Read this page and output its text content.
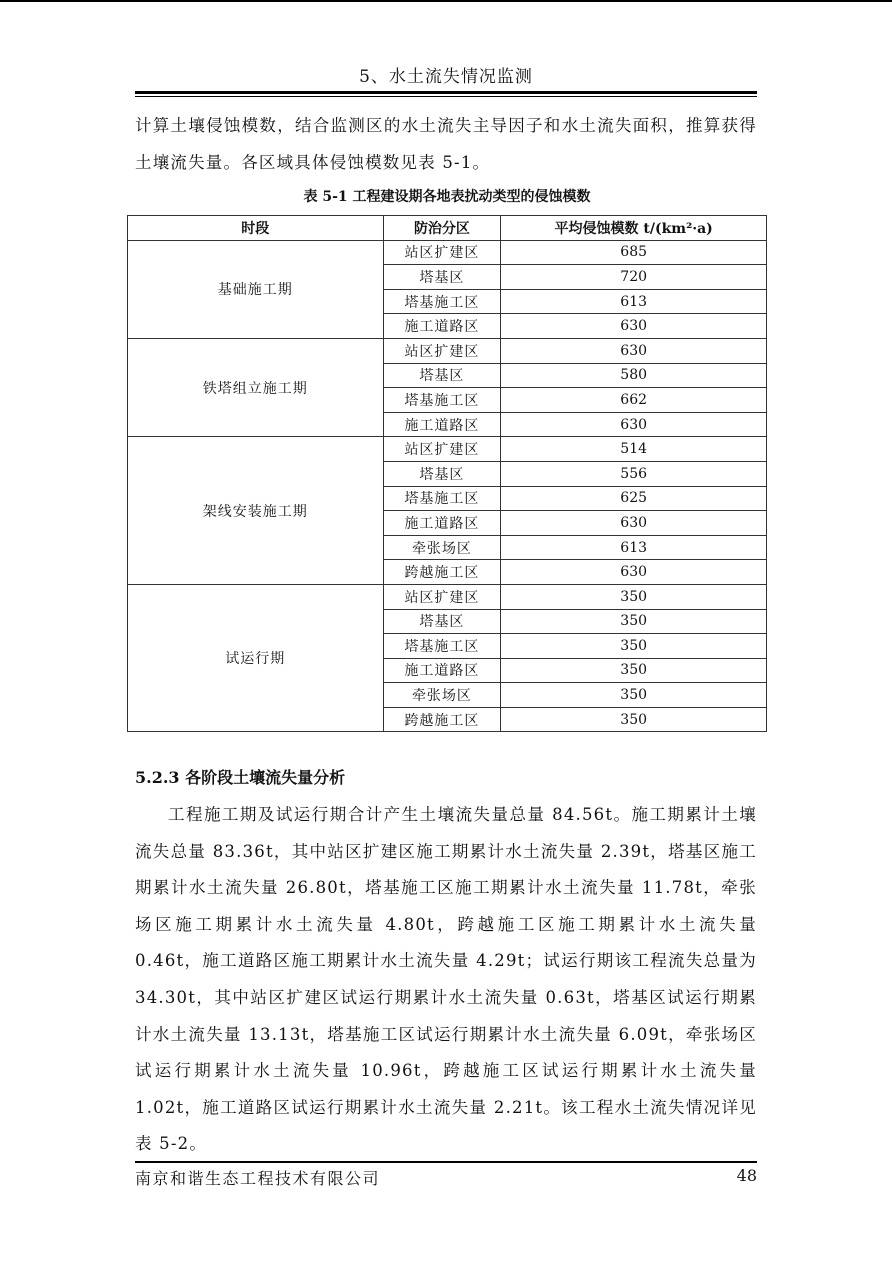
5、水土流失情况监测

计算土壤侵蚀模数，结合监测区的水土流失主导因子和水土流失面积，推算获得土壤流失量。各区域具体侵蚀模数见表 5-1。

表 5-1 工程建设期各地表扰动类型的侵蚀模数
时段	防治分区	平均侵蚀模数 t/(km²·a)
基础施工期	站区扩建区	685
	塔基区	720
	塔基施工区	613
	施工道路区	630
铁塔组立施工期	站区扩建区	630
	塔基区	580
	塔基施工区	662
	施工道路区	630
架线安装施工期	站区扩建区	514
	塔基区	556
	塔基施工区	625
	施工道路区	630
	牵张场区	613
	跨越施工区	630
试运行期	站区扩建区	350
	塔基区	350
	塔基施工区	350
	施工道路区	350
	牵张场区	350
	跨越施工区	350
5.2.3 各阶段土壤流失量分析

工程施工期及试运行期合计产生土壤流失量总量 84.56t。施工期累计土壤流失总量 83.36t，其中站区扩建区施工期累计水土流失量 2.39t，塔基区施工期累计水土流失量 26.80t，塔基施工区施工期累计水土流失量 11.78t，牵张场区施工期累计水土流失量 4.80t，跨越施工区施工期累计水土流失量 0.46t，施工道路区施工期累计水土流失量 4.29t；试运行期该工程流失总量为 34.30t，其中站区扩建区试运行期累计水土流失量 0.63t，塔基区试运行期累计水土流失量 13.13t，塔基施工区试运行期累计水土流失量 6.09t，牵张场区试运行期累计水土流失量 10.96t，跨越施工区试运行期累计水土流失量 1.02t，施工道路区试运行期累计水土流失量 2.21t。该工程水土流失情况详见表 5-2。

南京和谐生态工程技术有限公司	48
